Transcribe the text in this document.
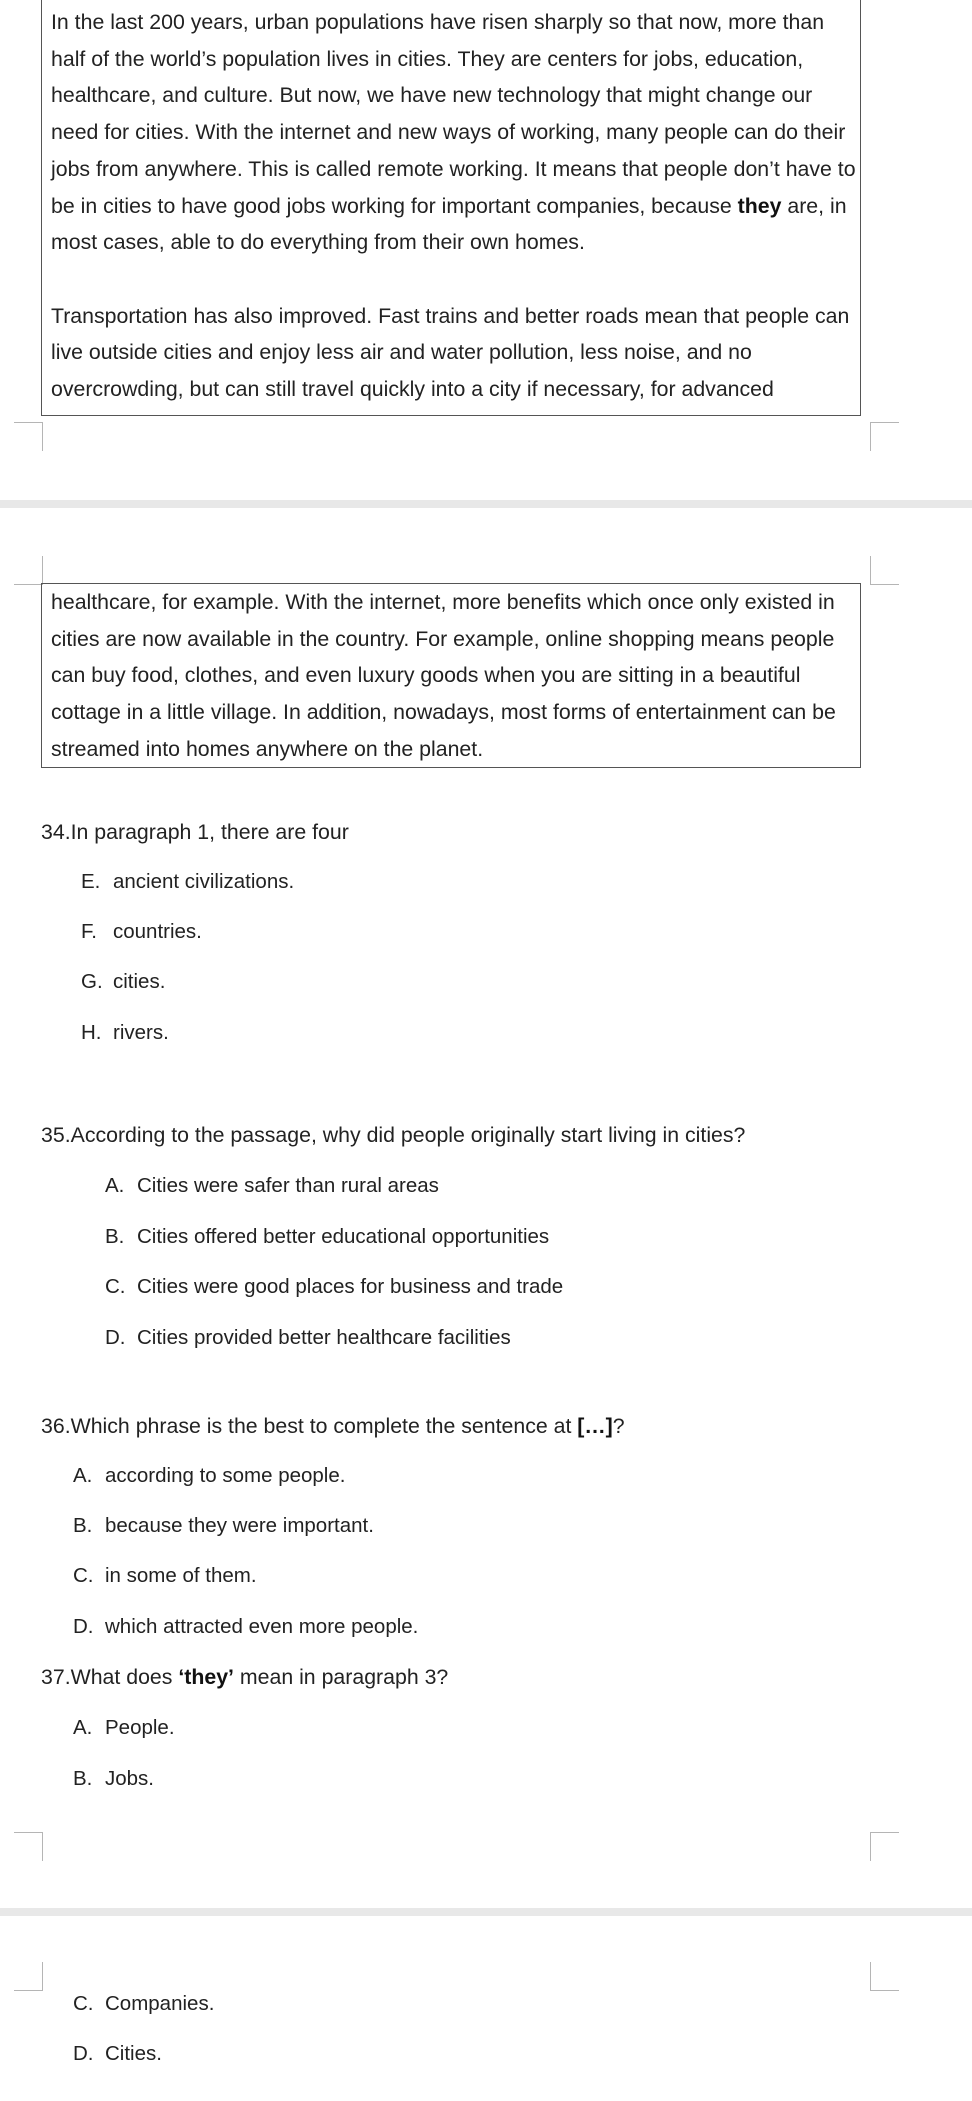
In the last 200 years, urban populations have risen sharply so that now, more than half of the world’s population lives in cities. They are centers for jobs, education, healthcare, and culture. But now, we have new technology that might change our need for cities. With the internet and new ways of working, many people can do their jobs from anywhere. This is called remote working. It means that people don’t have to be in cities to have good jobs working for important companies, because they are, in most cases, able to do everything from their own homes.

Transportation has also improved. Fast trains and better roads mean that people can live outside cities and enjoy less air and water pollution, less noise, and no overcrowding, but can still travel quickly into a city if necessary, for advanced

healthcare, for example. With the internet, more benefits which once only existed in cities are now available in the country. For example, online shopping means people can buy food, clothes, and even luxury goods when you are sitting in a beautiful cottage in a little village. In addition, nowadays, most forms of entertainment can be streamed into homes anywhere on the planet.

34.In paragraph 1, there are four
E. ancient civilizations.
F. countries.
G. cities.
H. rivers.
35.According to the passage, why did people originally start living in cities?
A. Cities were safer than rural areas
B. Cities offered better educational opportunities
C. Cities were good places for business and trade
D. Cities provided better healthcare facilities
36.Which phrase is the best to complete the sentence at […]?
A. according to some people.
B. because they were important.
C. in some of them.
D. which attracted even more people.
37.What does ‘they’ mean in paragraph 3?
A. People.
B. Jobs.
C. Companies.
D. Cities.
